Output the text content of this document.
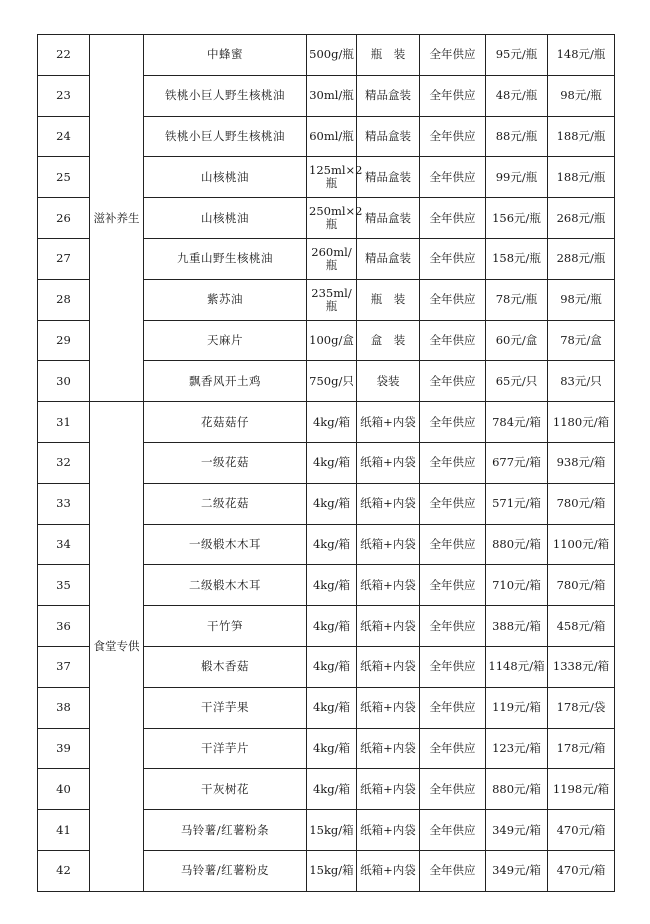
22	滋补养生	中蜂蜜	500g/瓶	瓶　装	全年供应	95元/瓶	148元/瓶
23		铁桃小巨人野生核桃油	30ml/瓶	精品盒装	全年供应	48元/瓶	98元/瓶
24		铁桃小巨人野生核桃油	60ml/瓶	精品盒装	全年供应	88元/瓶	188元/瓶
25		山核桃油	125ml×2瓶	精品盒装	全年供应	99元/瓶	188元/瓶
26		山核桃油	250ml×2瓶	精品盒装	全年供应	156元/瓶	268元/瓶
27		九重山野生核桃油	260ml/瓶	精品盒装	全年供应	158元/瓶	288元/瓶
28		紫苏油	235ml/瓶	瓶　装	全年供应	78元/瓶	98元/瓶
29		天麻片	100g/盒	盒　装	全年供应	60元/盒	78元/盒
30		飘香风开土鸡	750g/只	袋装	全年供应	65元/只	83元/只
31	食堂专供	花菇菇仔	4kg/箱	纸箱+内袋	全年供应	784元/箱	1180元/箱
32		一级花菇	4kg/箱	纸箱+内袋	全年供应	677元/箱	938元/箱
33		二级花菇	4kg/箱	纸箱+内袋	全年供应	571元/箱	780元/箱
34		一级椴木木耳	4kg/箱	纸箱+内袋	全年供应	880元/箱	1100元/箱
35		二级椴木木耳	4kg/箱	纸箱+内袋	全年供应	710元/箱	780元/箱
36		干竹笋	4kg/箱	纸箱+内袋	全年供应	388元/箱	458元/箱
37		椴木香菇	4kg/箱	纸箱+内袋	全年供应	1148元/箱	1338元/箱
38		干洋芋果	4kg/箱	纸箱+内袋	全年供应	119元/箱	178元/袋
39		干洋芋片	4kg/箱	纸箱+内袋	全年供应	123元/箱	178元/箱
40		干灰树花	4kg/箱	纸箱+内袋	全年供应	880元/箱	1198元/箱
41		马铃薯/红薯粉条	15kg/箱	纸箱+内袋	全年供应	349元/箱	470元/箱
42		马铃薯/红薯粉皮	15kg/箱	纸箱+内袋	全年供应	349元/箱	470元/箱
